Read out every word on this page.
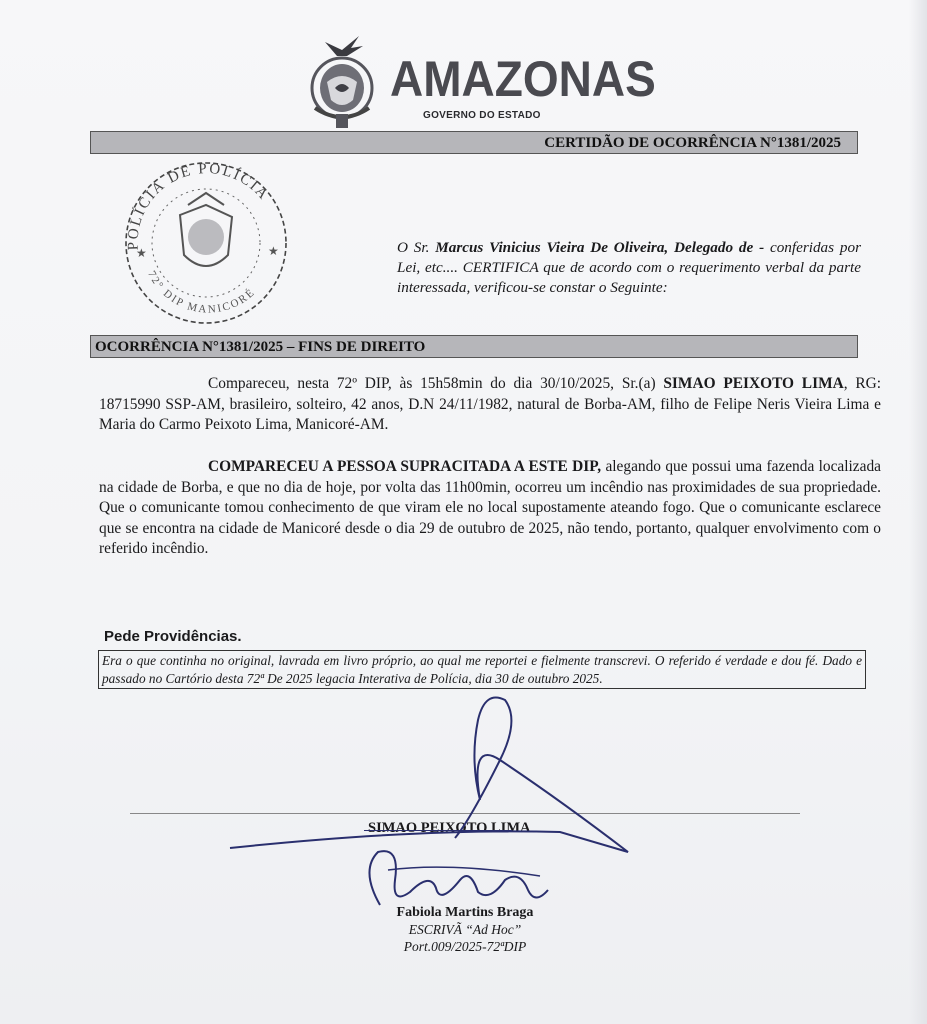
AMAZONAS
GOVERNO DO ESTADO
CERTIDÃO DE OCORRÊNCIA N°1381/2025
POLÍCIA DE POLÍCIA
72° DIP MANICORÉ
★	★	O Sr. Marcus Vinicius Vieira De Oliveira, Delegado de - conferidas por Lei, etc.... CERTIFICA que de acordo com o requerimento verbal da parte interessada, verificou-se constar o Seguinte:
OCORRÊNCIA N°1381/2025 – FINS DE DIREITO
Compareceu, nesta 72º DIP, às 15h58min do dia 30/10/2025, Sr.(a) SIMAO PEIXOTO LIMA, RG: 18715990 SSP-AM, brasileiro, solteiro, 42 anos, D.N 24/11/1982, natural de Borba-AM, filho de Felipe Neris Vieira Lima e Maria do Carmo Peixoto Lima, Manicoré-AM.
COMPARECEU A PESSOA SUPRACITADA A ESTE DIP, alegando que possui uma fazenda localizada na cidade de Borba, e que no dia de hoje, por volta das 11h00min, ocorreu um incêndio nas proximidades de sua propriedade. Que o comunicante tomou conhecimento de que viram ele no local supostamente ateando fogo. Que o comunicante esclarece que se encontra na cidade de Manicoré desde o dia 29 de outubro de 2025, não tendo, portanto, qualquer envolvimento com o referido incêndio.
Pede Providências.
Era o que continha no original, lavrada em livro próprio, ao qual me reportei e fielmente transcrevi. O referido é verdade e dou fé. Dado e passado no Cartório desta 72ª De 2025 legacia Interativa de Polícia, dia 30 de outubro 2025.
SIMAO PEIXOTO LIMA
Fabiola Martins Braga
ESCRIVÃ “Ad Hoc”
Port.009/2025-72ªDIP
